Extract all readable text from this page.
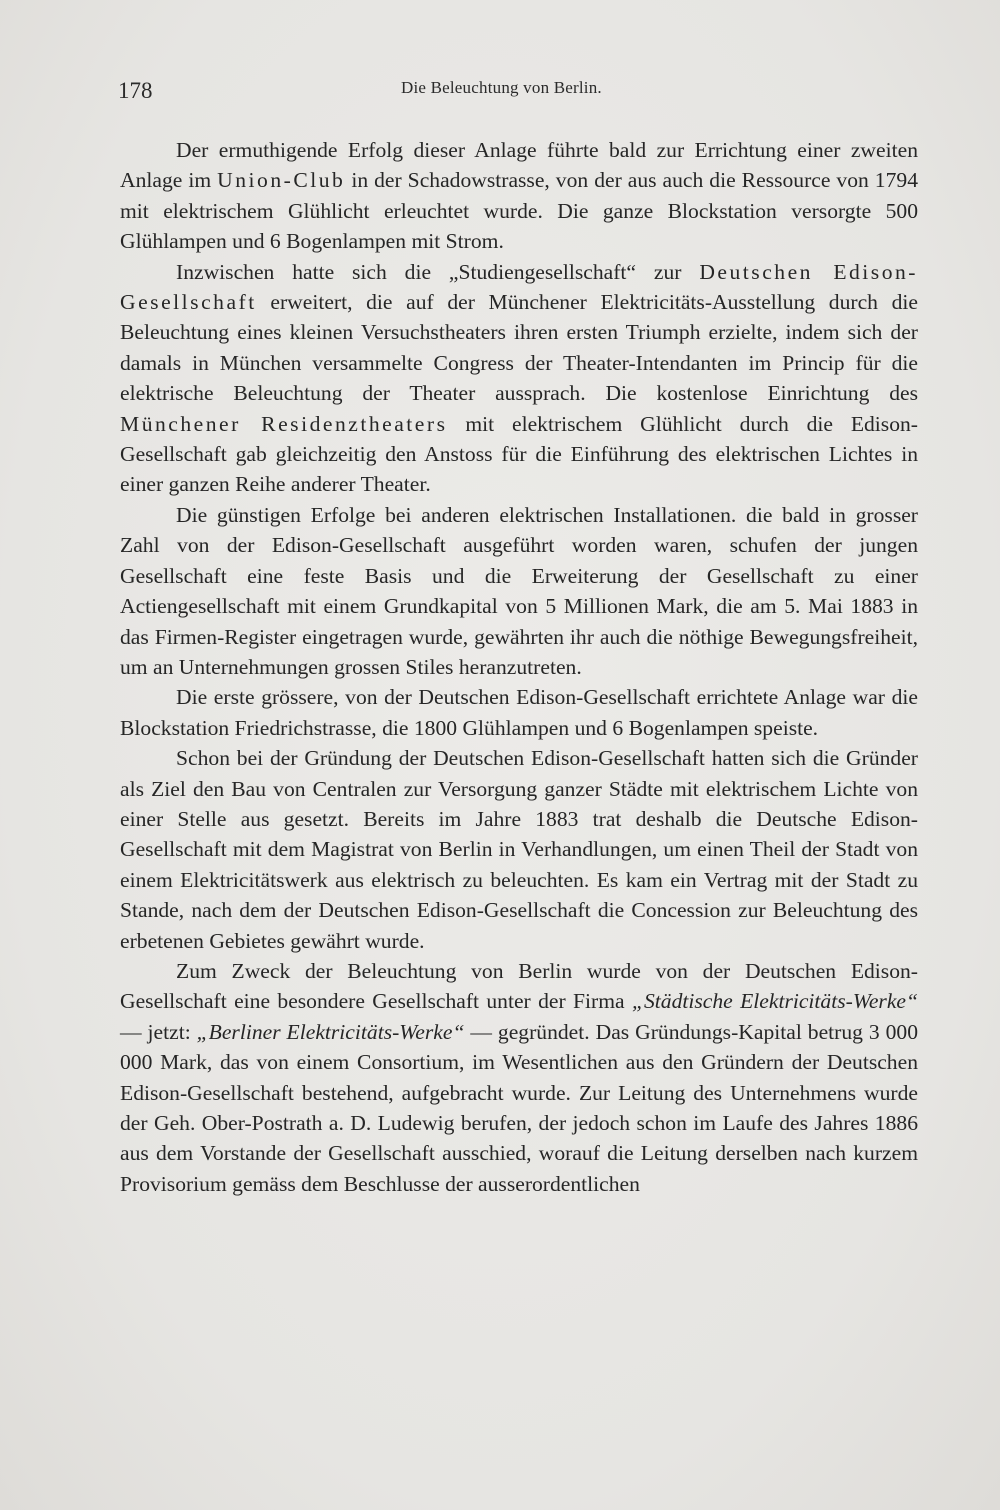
178	Die Beleuchtung von Berlin.

Der ermuthigende Erfolg dieser Anlage führte bald zur Errichtung einer zweiten Anlage im Union-Club in der Schadowstrasse, von der aus auch die Ressource von 1794 mit elektrischem Glühlicht erleuchtet wurde. Die ganze Blockstation versorgte 500 Glühlampen und 6 Bogenlampen mit Strom.

Inzwischen hatte sich die „Studiengesellschaft“ zur Deutschen Edison-Gesellschaft erweitert, die auf der Münchener Elektricitäts-Ausstellung durch die Beleuchtung eines kleinen Versuchstheaters ihren ersten Triumph erzielte, indem sich der damals in München versammelte Congress der Theater-Intendanten im Princip für die elektrische Beleuchtung der Theater aussprach. Die kostenlose Einrichtung des Münchener Residenztheaters mit elektrischem Glühlicht durch die Edison-Gesellschaft gab gleichzeitig den Anstoss für die Einführung des elektrischen Lichtes in einer ganzen Reihe anderer Theater.

Die günstigen Erfolge bei anderen elektrischen Installationen. die bald in grosser Zahl von der Edison-Gesellschaft ausgeführt worden waren, schufen der jungen Gesellschaft eine feste Basis und die Erweiterung der Gesellschaft zu einer Actiengesellschaft mit einem Grundkapital von 5 Millionen Mark, die am 5. Mai 1883 in das Firmen-Register eingetragen wurde, gewährten ihr auch die nöthige Bewegungsfreiheit, um an Unternehmungen grossen Stiles heranzutreten.

Die erste grössere, von der Deutschen Edison-Gesellschaft errichtete Anlage war die Blockstation Friedrichstrasse, die 1800 Glühlampen und 6 Bogenlampen speiste.

Schon bei der Gründung der Deutschen Edison-Gesellschaft hatten sich die Gründer als Ziel den Bau von Centralen zur Versorgung ganzer Städte mit elektrischem Lichte von einer Stelle aus gesetzt. Bereits im Jahre 1883 trat deshalb die Deutsche Edison-Gesellschaft mit dem Magistrat von Berlin in Verhandlungen, um einen Theil der Stadt von einem Elektricitätswerk aus elektrisch zu beleuchten. Es kam ein Vertrag mit der Stadt zu Stande, nach dem der Deutschen Edison-Gesellschaft die Concession zur Beleuchtung des erbetenen Gebietes gewährt wurde.

Zum Zweck der Beleuchtung von Berlin wurde von der Deutschen Edison-Gesellschaft eine besondere Gesellschaft unter der Firma „Städtische Elektricitäts-Werke“ — jetzt: „Berliner Elektricitäts-Werke“ — gegründet. Das Gründungs-Kapital betrug 3 000 000 Mark, das von einem Consortium, im Wesentlichen aus den Gründern der Deutschen Edison-Gesellschaft bestehend, aufgebracht wurde. Zur Leitung des Unternehmens wurde der Geh. Ober-Postrath a. D. Ludewig berufen, der jedoch schon im Laufe des Jahres 1886 aus dem Vorstande der Gesellschaft ausschied, worauf die Leitung derselben nach kurzem Provisorium gemäss dem Beschlusse der ausserordentlichen
